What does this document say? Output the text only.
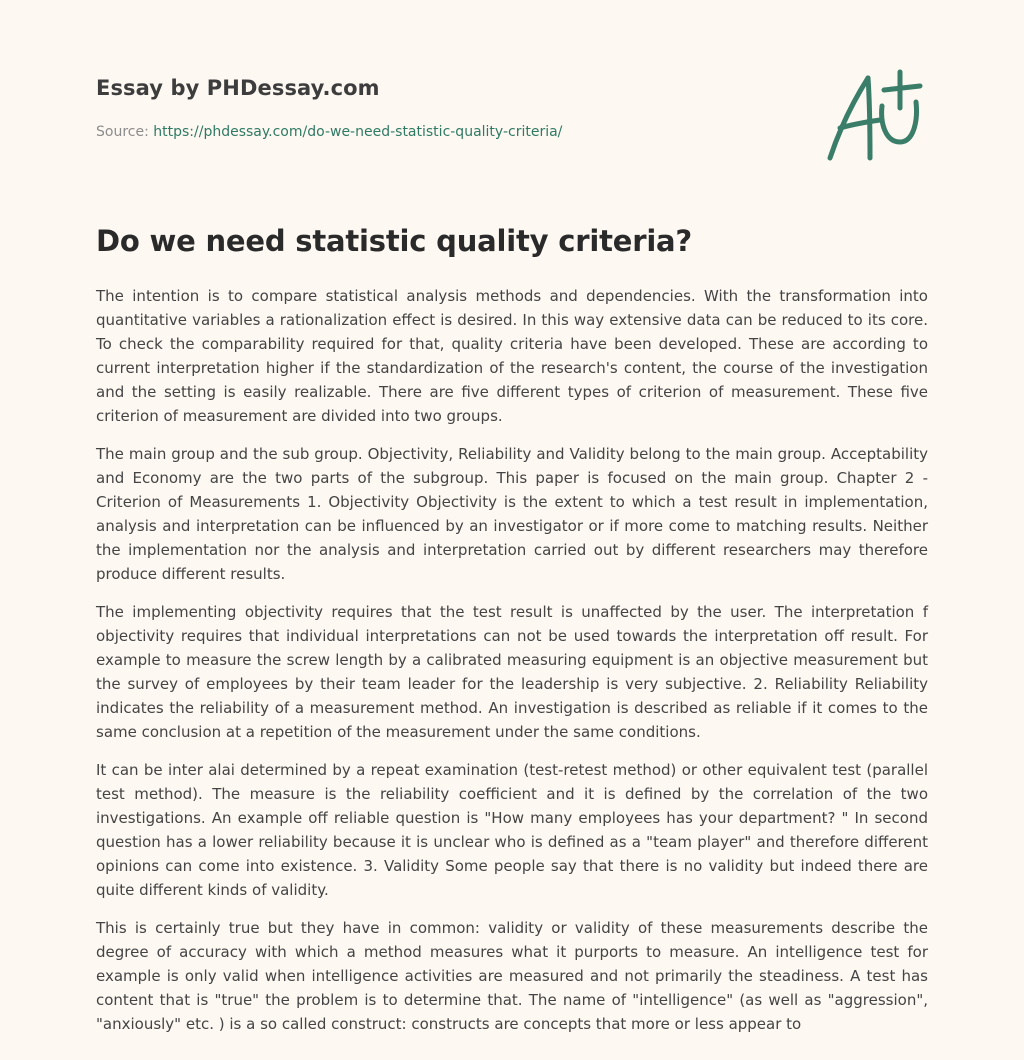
Essay by PHDessay.com
Source: https://phdessay.com/do-we-need-statistic-quality-criteria/
Do we need statistic quality criteria?

The intention is to compare statistical analysis methods and dependencies. With the transformation into quantitative variables a rationalization effect is desired. In this way extensive data can be reduced to its core. To check the comparability required for that, quality criteria have been developed. These are according to current interpretation higher if the standardization of the research's content, the course of the investigation and the setting is easily realizable. There are five different types of criterion of measurement. These five criterion of measurement are divided into two groups.

The main group and the sub group. Objectivity, Reliability and Validity belong to the main group. Acceptability and Economy are the two parts of the subgroup. This paper is focused on the main group. Chapter 2 - Criterion of Measurements 1. Objectivity Objectivity is the extent to which a test result in implementation, analysis and interpretation can be influenced by an investigator or if more come to matching results. Neither the implementation nor the analysis and interpretation carried out by different researchers may therefore produce different results.

The implementing objectivity requires that the test result is unaffected by the user. The interpretation f objectivity requires that individual interpretations can not be used towards the interpretation off result. For example to measure the screw length by a calibrated measuring equipment is an objective measurement but the survey of employees by their team leader for the leadership is very subjective. 2. Reliability Reliability indicates the reliability of a measurement method. An investigation is described as reliable if it comes to the same conclusion at a repetition of the measurement under the same conditions.

It can be inter alai determined by a repeat examination (test-retest method) or other equivalent test (parallel test method). The measure is the reliability coefficient and it is defined by the correlation of the two investigations. An example off reliable question is "How many employees has your department? " In second question has a lower reliability because it is unclear who is defined as a "team player" and therefore different opinions can come into existence. 3. Validity Some people say that there is no validity but indeed there are quite different kinds of validity.

This is certainly true but they have in common: validity or validity of these measurements describe the degree of accuracy with which a method measures what it purports to measure. An intelligence test for example is only valid when intelligence activities are measured and not primarily the steadiness. A test has content that is "true" the problem is to determine that. The name of "intelligence" (as well as "aggression", "anxiously" etc. ) is a so called construct: constructs are concepts that more or less appear to
